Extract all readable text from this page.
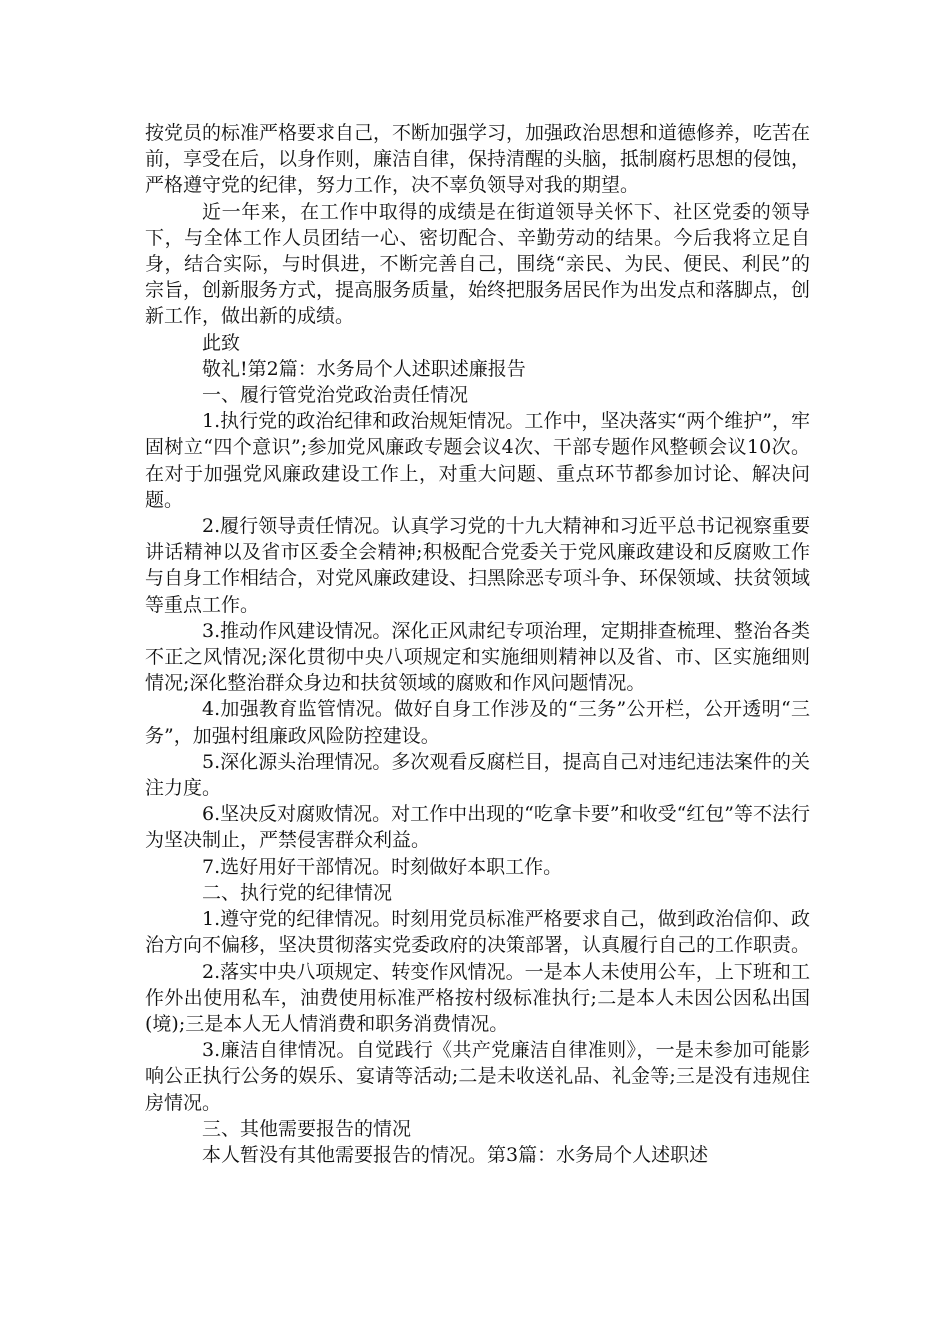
按党员的标准严格要求自己，不断加强学习，加强政治思想和道德修养，吃苦在前，享受在后，以身作则，廉洁自律，保持清醒的头脑，抵制腐朽思想的侵蚀，严格遵守党的纪律，努力工作，决不辜负领导对我的期望。

近一年来，在工作中取得的成绩是在街道领导关怀下、社区党委的领导下，与全体工作人员团结一心、密切配合、辛勤劳动的结果。今后我将立足自身，结合实际，与时俱进，不断完善自己，围绕“亲民、为民、便民、利民”的宗旨，创新服务方式，提高服务质量，始终把服务居民作为出发点和落脚点，创新工作，做出新的成绩。

此致

敬礼!第2篇：水务局个人述职述廉报告

一、履行管党治党政治责任情况

1.执行党的政治纪律和政治规矩情况。工作中，坚决落实“两个维护”，牢固树立“四个意识”;参加党风廉政专题会议4次、干部专题作风整顿会议10次。在对于加强党风廉政建设工作上，对重大问题、重点环节都参加讨论、解决问题。

2.履行领导责任情况。认真学习党的十九大精神和习近平总书记视察重要讲话精神以及省市区委全会精神;积极配合党委关于党风廉政建设和反腐败工作与自身工作相结合，对党风廉政建设、扫黑除恶专项斗争、环保领域、扶贫领域等重点工作。

3.推动作风建设情况。深化正风肃纪专项治理，定期排查梳理、整治各类不正之风情况;深化贯彻中央八项规定和实施细则精神以及省、市、区实施细则情况;深化整治群众身边和扶贫领域的腐败和作风问题情况。

4.加强教育监管情况。做好自身工作涉及的“三务”公开栏，公开透明“三务”，加强村组廉政风险防控建设。

5.深化源头治理情况。多次观看反腐栏目，提高自己对违纪违法案件的关注力度。

6.坚决反对腐败情况。对工作中出现的“吃拿卡要”和收受“红包”等不法行为坚决制止，严禁侵害群众利益。

7.选好用好干部情况。时刻做好本职工作。

二、执行党的纪律情况

1.遵守党的纪律情况。时刻用党员标准严格要求自己，做到政治信仰、政治方向不偏移，坚决贯彻落实党委政府的决策部署，认真履行自己的工作职责。

2.落实中央八项规定、转变作风情况。一是本人未使用公车，上下班和工作外出使用私车，油费使用标准严格按村级标准执行;二是本人未因公因私出国(境);三是本人无人情消费和职务消费情况。

3.廉洁自律情况。自觉践行《共产党廉洁自律准则》，一是未参加可能影响公正执行公务的娱乐、宴请等活动;二是未收送礼品、礼金等;三是没有违规住房情况。

三、其他需要报告的情况

本人暂没有其他需要报告的情况。第3篇：水务局个人述职述
